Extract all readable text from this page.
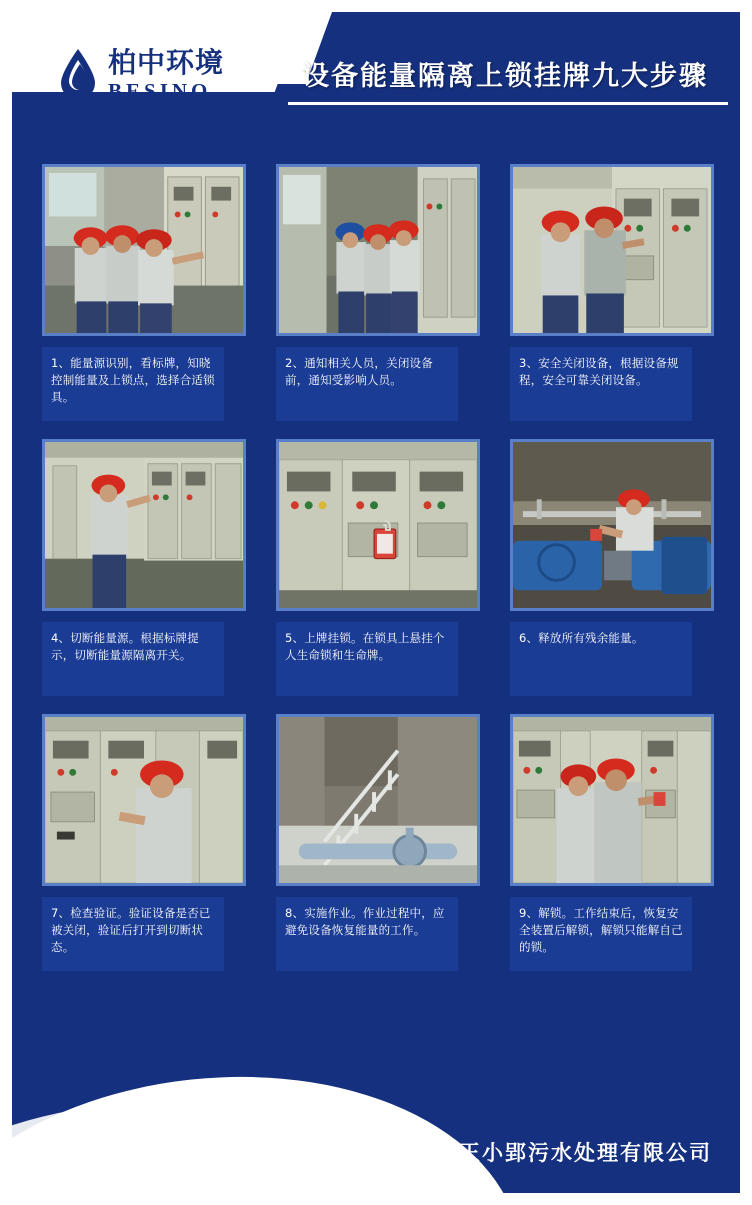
柏中环境
BESINO	设备能量隔离上锁挂牌九大步骤
1、能量源识别，看标牌，知晓控制能量及上锁点，选择合适锁具。
2、通知相关人员，关闭设备前，通知受影响人员。
3、安全关闭设备，根据设备规程，安全可靠关闭设备。
4、切断能量源。根据标牌提示，切断能量源隔离开关。
5、上牌挂锁。在锁具上悬挂个人生命锁和生命牌。
6、释放所有残余能量。
7、检查验证。验证设备是否已被关闭，验证后打开到切断状态。
8、实施作业。作业过程中，应避免设备恢复能量的工作。
9、解锁。工作结束后，恢复安全装置后解锁，解锁只能解自己的锁。
合肥王小郢污水处理有限公司
